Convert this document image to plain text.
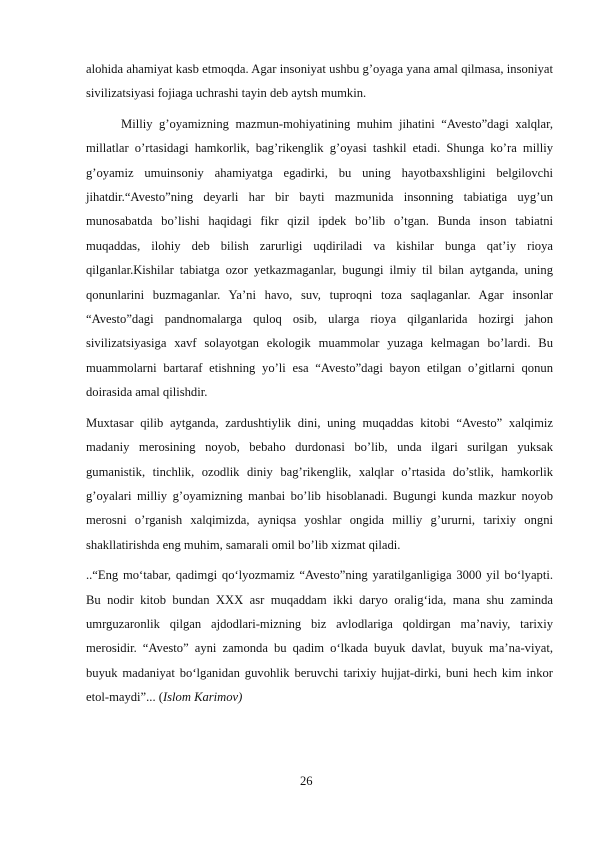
alohida ahamiyat kasb etmoqda. Agar insoniyat ushbu g’oyaga yana amal qilmasa, insoniyat sivilizatsiyasi fojiaga uchrashi tayin deb aytsh mumkin.

Milliy g’oyamizning mazmun-mohiyatining muhim jihatini “Avesto”dagi xalqlar, millatlar o’rtasidagi hamkorlik, bag’rikenglik g’oyasi tashkil etadi. Shunga ko’ra milliy g’oyamiz umuinsoniy ahamiyatga egadirki, bu uning hayotbaxshligini belgilovchi jihatdir.“Avesto”ning deyarli har bir bayti mazmunida insonning tabiatiga uyg’un munosabatda bo’lishi haqidagi fikr qizil ipdek bo’lib o’tgan. Bunda inson tabiatni muqaddas, ilohiy deb bilish zarurligi uqdiriladi va kishilar bunga qat’iy rioya qilganlar.Kishilar tabiatga ozor yetkazmaganlar, bugungi ilmiy til bilan aytganda, uning qonunlarini buzmaganlar. Ya’ni havo, suv, tuproqni toza saqlaganlar. Agar insonlar “Avesto”dagi pandnomalarga quloq osib, ularga rioya qilganlarida hozirgi jahon sivilizatsiyasiga xavf solayotgan ekologik muammolar yuzaga kelmagan bo’lardi. Bu muammolarni bartaraf etishning yo’li esa “Avesto”dagi bayon etilgan o’gitlarni qonun doirasida amal qilishdir.

Muxtasar qilib aytganda, zardushtiylik dini, uning muqaddas kitobi “Avesto” xalqimiz madaniy merosining noyob, bebaho durdonasi bo’lib, unda ilgari surilgan yuksak gumanistik, tinchlik, ozodlik diniy bag’rikenglik, xalqlar o’rtasida do’stlik, hamkorlik g’oyalari milliy g’oyamizning manbai bo’lib hisoblanadi. Bugungi kunda mazkur noyob merosni o’rganish xalqimizda, ayniqsa yoshlar ongida milliy g’ururni, tarixiy ongni shakllatirishda eng muhim, samarali omil bo’lib xizmat qiladi.

..“Eng mo‘tabar, qadimgi qo‘lyozmamiz “Avesto”ning yaratilganligiga 3000 yil bo‘lyapti. Bu nodir kitob bundan XXX asr muqaddam ikki daryo oralig‘ida, mana shu zaminda umrguzaronlik qilgan ajdodlari-mizning biz avlodlariga qoldirgan ma’naviy, tarixiy merosidir. “Avesto” ayni zamonda bu qadim o‘lkada buyuk davlat, buyuk ma’na-viyat, buyuk madaniyat bo‘lganidan guvohlik beruvchi tarixiy hujjat-dirki, buni hech kim inkor etol-maydi”... (Islom Karimov)

26
